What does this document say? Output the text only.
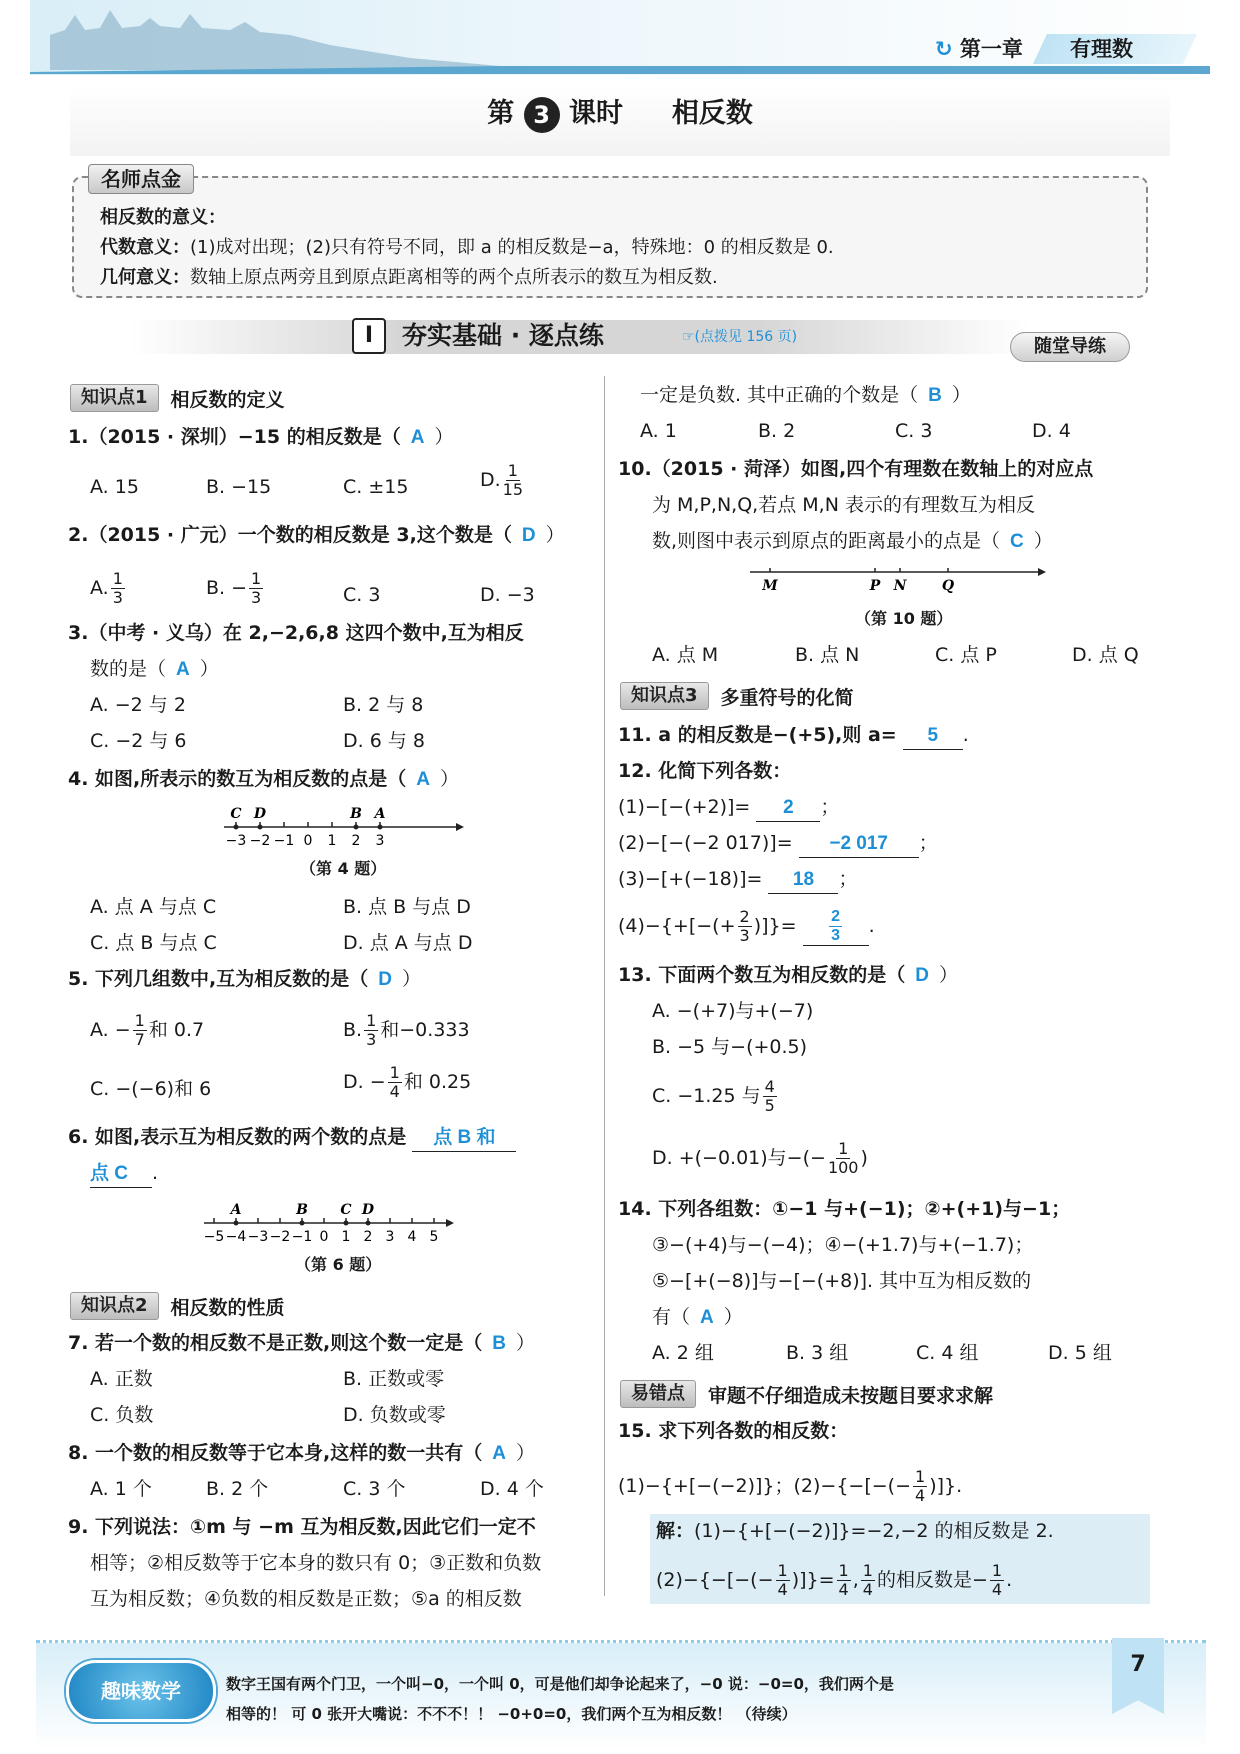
↻ 第一章	有理数
第 3 课时 相反数
名师点金
相反数的意义：
代数意义：(1)成对出现；(2)只有符号不同，即 a 的相反数是−a，特殊地：0 的相反数是 0.
几何意义：数轴上原点两旁且到原点距离相等的两个点所表示的数互为相反数.
I	夯实基础 · 逐点练	☞(点拨见 156 页)	随堂导练
知识点1	相反数的定义
1.（2015 · 深圳）−15 的相反数是（ A ）
A. 15	B. −15	C. ±15	D. $\frac{1}{15}$
2.（2015 · 广元）一个数的相反数是 3,这个数是（ D ）
A. $\frac{1}{3}$	B. − $\frac{1}{3}$	C. 3	D. −3
3.（中考 · 义乌）在 2,−2,6,8 这四个数中,互为相反
数的是（ A ）
A. −2 与 2	B. 2 与 8
C. −2 与 6	D. 6 与 8
4. 如图,所表示的数互为相反数的点是（ A ）
−3 −2 −1 0 1 2 3
C D	B A
（第 4 题）
A. 点 A 与点 C	B. 点 B 与点 D
C. 点 B 与点 C	D. 点 A 与点 D
5. 下列几组数中,互为相反数的是（ D ）
A. − $\frac{1}{7}$ 和 0.7	B. $\frac{1}{3}$ 和−0.333
C. −(−6)和 6	D. − $\frac{1}{4}$ 和 0.25
6. 如图,表示互为相反数的两个数的点是 点 B 和
点 C .
−5 −4 −3 −2 −1 0 1 2 3 4 5
A	B C D
（第 6 题）
知识点2	相反数的性质
7. 若一个数的相反数不是正数,则这个数一定是（ B ）
A. 正数	B. 正数或零
C. 负数	D. 负数或零
8. 一个数的相反数等于它本身,这样的数一共有（ A ）
A. 1 个	B. 2 个	C. 3 个	D. 4 个
9. 下列说法：①m 与 −m 互为相反数,因此它们一定不
相等；②相反数等于它本身的数只有 0；③正数和负数
互为相反数；④负数的相反数是正数；⑤a 的相反数
一定是负数. 其中正确的个数是（ B ）
A. 1	B. 2	C. 3	D. 4
10.（2015 · 菏泽）如图,四个有理数在数轴上的对应点
为 M,P,N,Q,若点 M,N 表示的有理数互为相反
数,则图中表示到原点的距离最小的点是（ C ）
M	P N	Q
（第 10 题）
A. 点 M	B. 点 N	C. 点 P	D. 点 Q
知识点3	多重符号的化简
11. a 的相反数是−(+5),则 a= 5 .
12. 化简下列各数：
(1)−[−(+2)]= 2 ；
(2)−[−(−2 017)]= −2 017 ；
(3)−[+(−18)]= 18 ；
$(4)-\{+[-(+ \frac{2}{3}$ )]}= $\frac{2}{3}$ .
13. 下面两个数互为相反数的是（ D ）
A. −(+7)与+(−7)
B. −5 与−(+0.5)
C. −1.25 与 $\frac{4}{5}$
D. +(−0.01)与−(− $\frac{1}{100}$ )
14. 下列各组数：①−1 与+(−1)；②+(+1)与−1；
③−(+4)与−(−4)；④−(+1.7)与+(−1.7)；
⑤−[+(−8)]与−[−(+8)]. 其中互为相反数的
有（ A ）
A. 2 组	B. 3 组	C. 4 组	D. 5 组
易错点	审题不仔细造成未按题目要求求解
15. 求下列各数的相反数：
(1)−{+[−(−2)]}；$(2)-\{-[-(- \frac{1}{4}$ )]}.
解：(1)−{+[−(−2)]}=−2,−2 的相反数是 2.
$(2)-\{-[-(- \frac{1}{4}$ )]}= $\frac{1}{4}$ , $\frac{1}{4}$ 的相反数是− $\frac{1}{4}$ .
趣味数学	数字王国有两个门卫，一个叫−0，一个叫 0，可是他们却争论起来了，−0 说：−0=0，我们两个是
相等的！ 可 0 张开大嘴说：不不不！！ −0+0=0，我们两个互为相反数！ （待续）
7
